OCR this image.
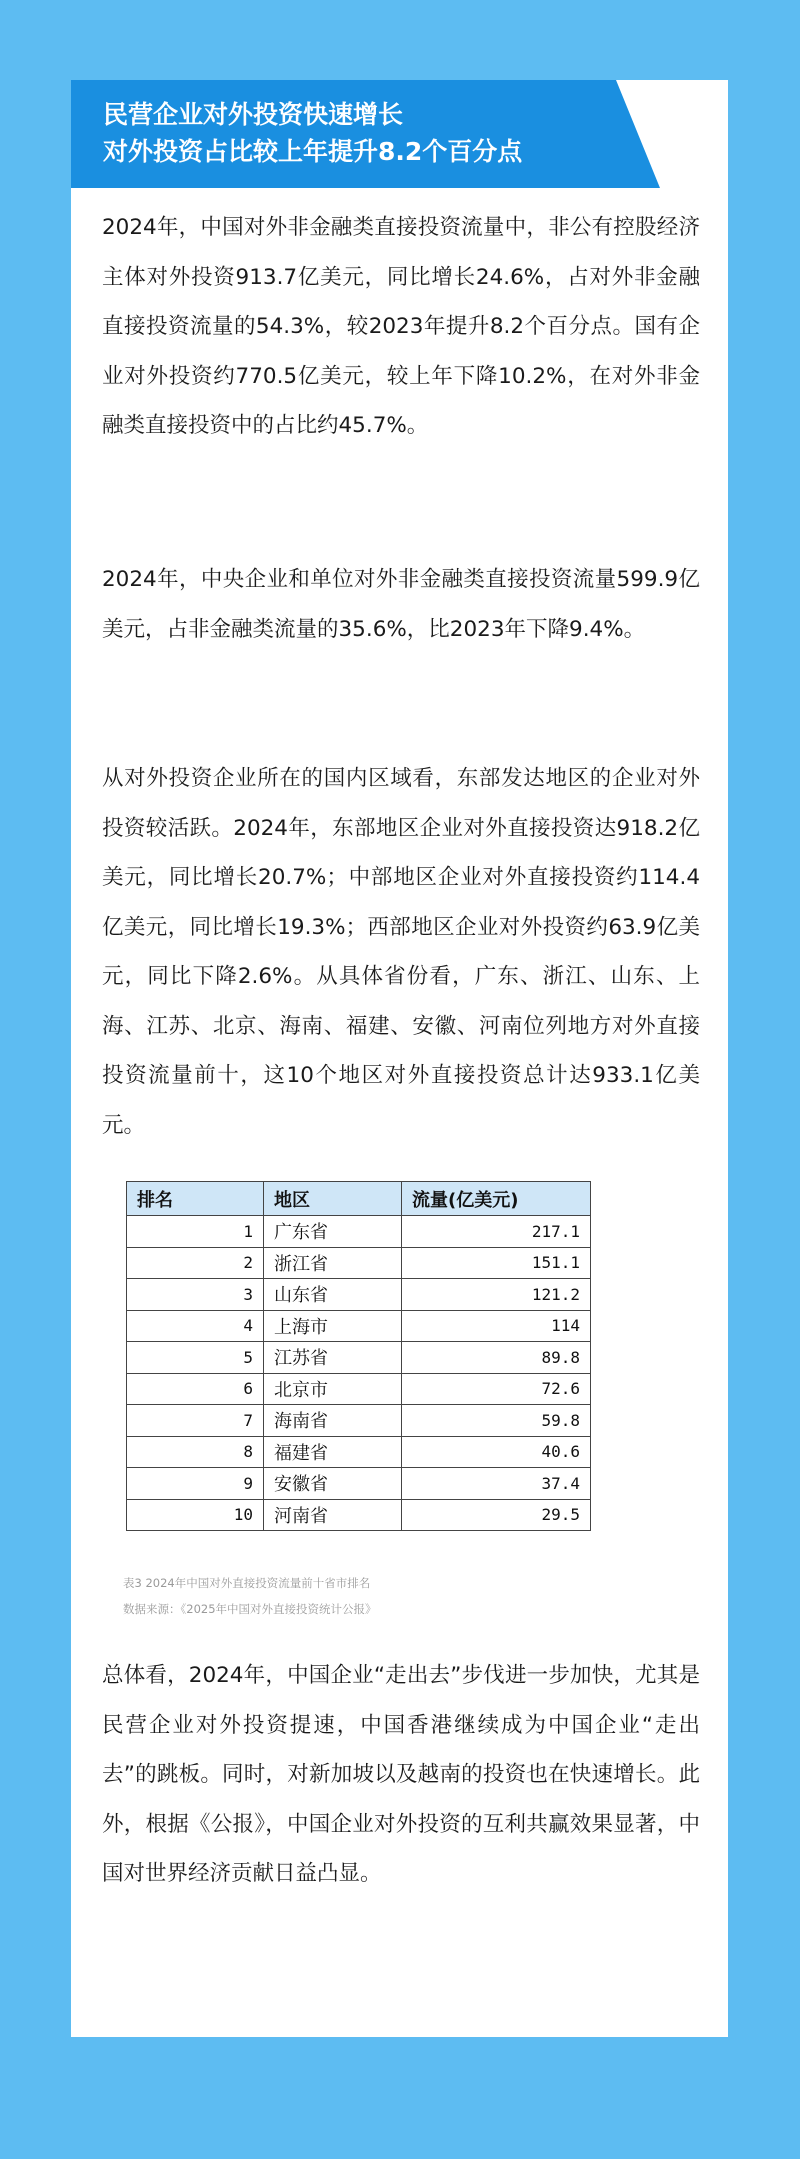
民营企业对外投资快速增长
对外投资占比较上年提升8.2个百分点

2024年，中国对外非金融类直接投资流量中，非公有控股经济主体对外投资913.7亿美元，同比增长24.6%，占对外非金融直接投资流量的54.3%，较2023年提升8.2个百分点。国有企业对外投资约770.5亿美元，较上年下降10.2%，在对外非金融类直接投资中的占比约45.7%。

2024年，中央企业和单位对外非金融类直接投资流量599.9亿美元，占非金融类流量的35.6%，比2023年下降9.4%。

从对外投资企业所在的国内区域看，东部发达地区的企业对外投资较活跃。2024年，东部地区企业对外直接投资达918.2亿美元，同比增长20.7%；中部地区企业对外直接投资约114.4亿美元，同比增长19.3%；西部地区企业对外投资约63.9亿美元，同比下降2.6%。从具体省份看，广东、浙江、山东、上海、江苏、北京、海南、福建、安徽、河南位列地方对外直接投资流量前十，这10个地区对外直接投资总计达933.1亿美元。

排名	地区	流量(亿美元)
1	广东省	217.1
2	浙江省	151.1
3	山东省	121.2
4	上海市	114
5	江苏省	89.8
6	北京市	72.6
7	海南省	59.8
8	福建省	40.6
9	安徽省	37.4
10	河南省	29.5
表3 2024年中国对外直接投资流量前十省市排名
数据来源：《2025年中国对外直接投资统计公报》

总体看，2024年，中国企业“走出去”步伐进一步加快，尤其是民营企业对外投资提速，中国香港继续成为中国企业“走出去”的跳板。同时，对新加坡以及越南的投资也在快速增长。此外，根据《公报》，中国企业对外投资的互利共赢效果显著，中国对世界经济贡献日益凸显。
